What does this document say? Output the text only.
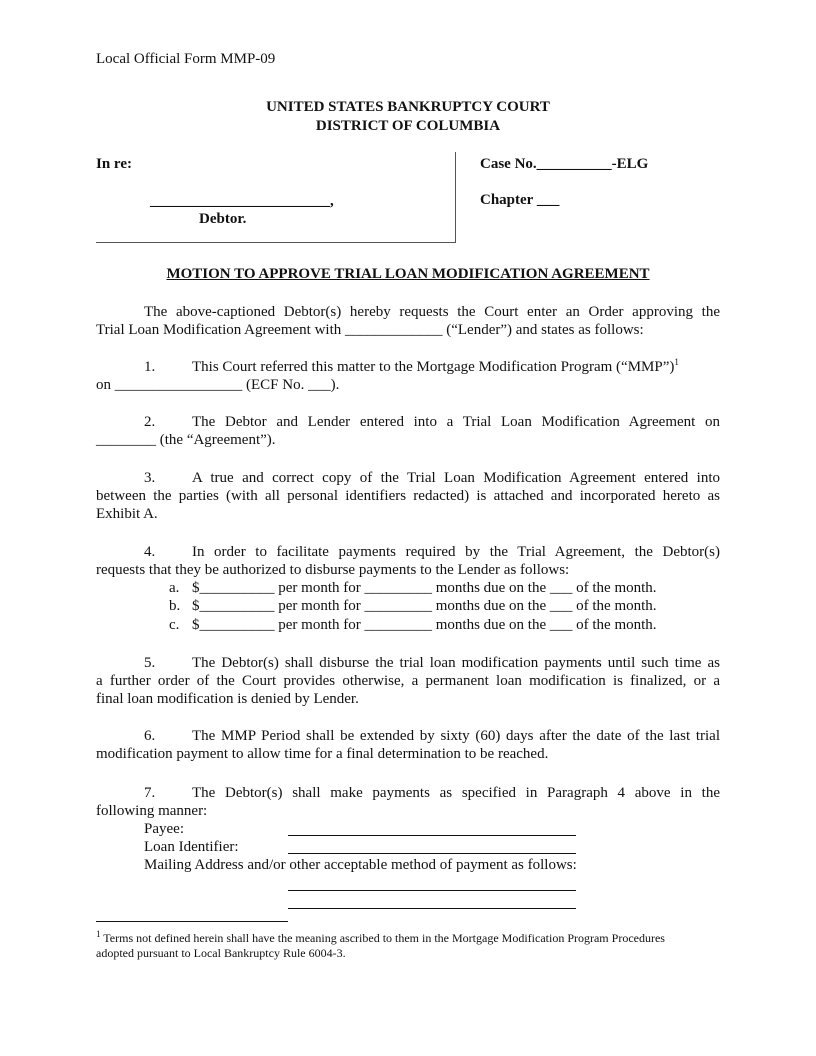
Local Official Form MMP-09
UNITED STATES BANKRUPTCY COURT
DISTRICT OF COLUMBIA
In re:
________________________,
Debtor.
Case No.__________-ELG
Chapter ___
MOTION TO APPROVE TRIAL LOAN MODIFICATION AGREEMENT
The above-captioned Debtor(s) hereby requests the Court enter an Order approving the
Trial Loan Modification Agreement with _____________ (“Lender”) and states as follows:
1. This Court referred this matter to the Mortgage Modification Program (“MMP”)$^1$
on _________________ (ECF No. ___).
2. The Debtor and Lender entered into a Trial Loan Modification Agreement on
________ (the “Agreement”).
3. A true and correct copy of the Trial Loan Modification Agreement entered into
between the parties (with all personal identifiers redacted) is attached and incorporated hereto as
Exhibit A.
4. In order to facilitate payments required by the Trial Agreement, the Debtor(s)
requests that they be authorized to disburse payments to the Lender as follows:
a. $__________ per month for _________ months due on the ___ of the month.
b. $__________ per month for _________ months due on the ___ of the month.
c. $__________ per month for _________ months due on the ___ of the month.
5. The Debtor(s) shall disburse the trial loan modification payments until such time as
a further order of the Court provides otherwise, a permanent loan modification is finalized, or a
final loan modification is denied by Lender.
6. The MMP Period shall be extended by sixty (60) days after the date of the last trial
modification payment to allow time for a final determination to be reached.
7. The Debtor(s) shall make payments as specified in Paragraph 4 above in the
following manner:
Payee:
Loan Identifier:
Mailing Address and/or other acceptable method of payment as follows:
$^1$ Terms not defined herein shall have the meaning ascribed to them in the Mortgage Modification Program Procedures
adopted pursuant to Local Bankruptcy Rule 6004-3.
